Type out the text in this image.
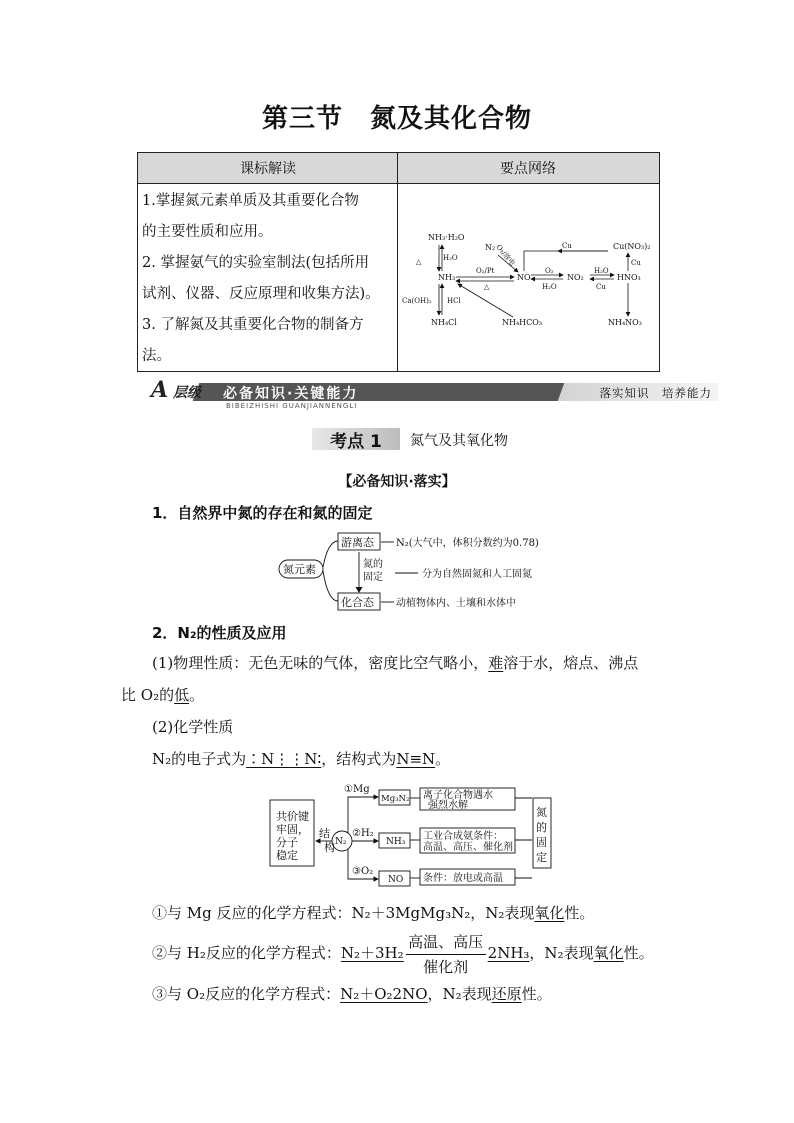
第三节　氮及其化合物
课标解读	要点网络
1.掌握氮元素单质及其重要化合物
的主要性质和应用。
2. 掌握氨气的实验室制法(包括所用
试剂、仪器、反应原理和收集方法)。
3. 了解氮及其重要化合物的制备方
法。
NH₃·H₂O
H₂O
△
N₂ O₂/放电	Cu	Cu(NO₃)₂
NH₃
O₂/Pt
△
NO
O₂
H₂O
NO₂
H₂O
Cu
HNO₃
Cu
Ca(OH)₂ HCl
NH₄Cl	NH₄HCO₃	NH₄NO₃
A 层级 必备知识·关键能力
BIBEIZHISHI GUANJIANNENGLI
落实知识　培养能力
考点 1	氮气及其氧化物
【必备知识·落实】
1．自然界中氮的存在和氮的固定
氮元素
游离态 N₂(大气中，体积分数约为0.78)
氮的
固定	分为自然固氮和人工固氮
化合态 动植物体内、土壤和水体中
2．N₂的性质及应用
(1)物理性质：无色无味的气体，密度比空气略小，难溶于水，熔点、沸点
比 O₂的低。
(2)化学性质
N₂的电子式为∶N⋮⋮N∶，结构式为N≡N。
共价键
牢固，
分子
稳定
结
构 N₂
①Mg
②H₂
③O₂
Mg₃N₂
NH₃
NO
离子化合物遇水
强烈水解
工业合成氨条件：
高温、高压、催化剂
条件：放电或高温
氮
的
固
定
①与 Mg 反应的化学方程式：N₂＋3MgMg₃N₂，N₂表现氧化性。
②与 H₂反应的化学方程式：N₂＋3H₂
高温、高压
催化剂
2NH₃，N₂表现氧化性。
③与 O₂反应的化学方程式：N₂＋O₂2NO，N₂表现还原性。
